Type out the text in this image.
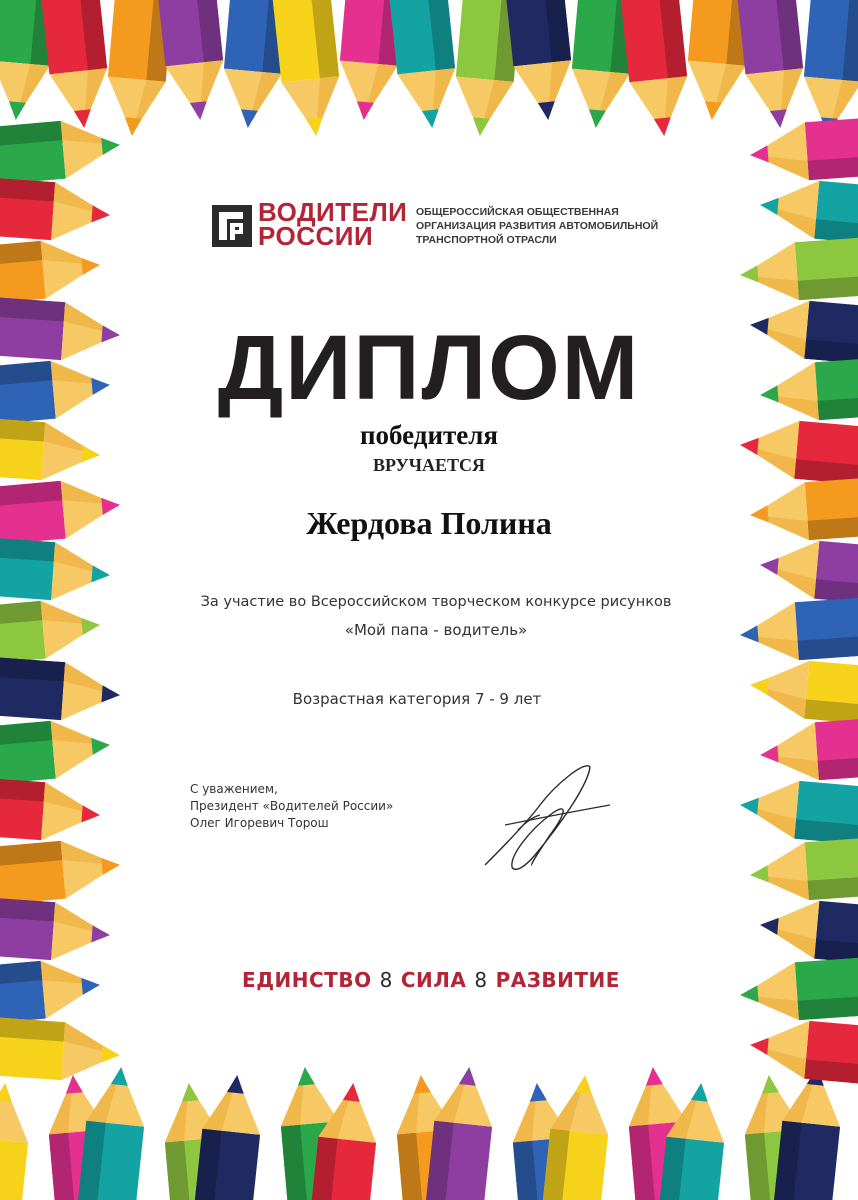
ВОДИТЕЛИ
РОССИИ
ОБЩЕРОССИЙСКАЯ ОБЩЕСТВЕННАЯ
ОРГАНИЗАЦИЯ РАЗВИТИЯ АВТОМОБИЛЬНОЙ
ТРАНСПОРТНОЙ ОТРАСЛИ
ДИПЛОМ
победителя
ВРУЧАЕТСЯ
Жердова Полина
За участие во Всероссийском творческом конкурсе рисунков
«Мой папа - водитель»
Возрастная категория 7 - 9 лет
С уважением,
Президент «Водителей России»
Олег Игоревич Торош
ЕДИНСТВО 8 СИЛА 8 РАЗВИТИЕ
